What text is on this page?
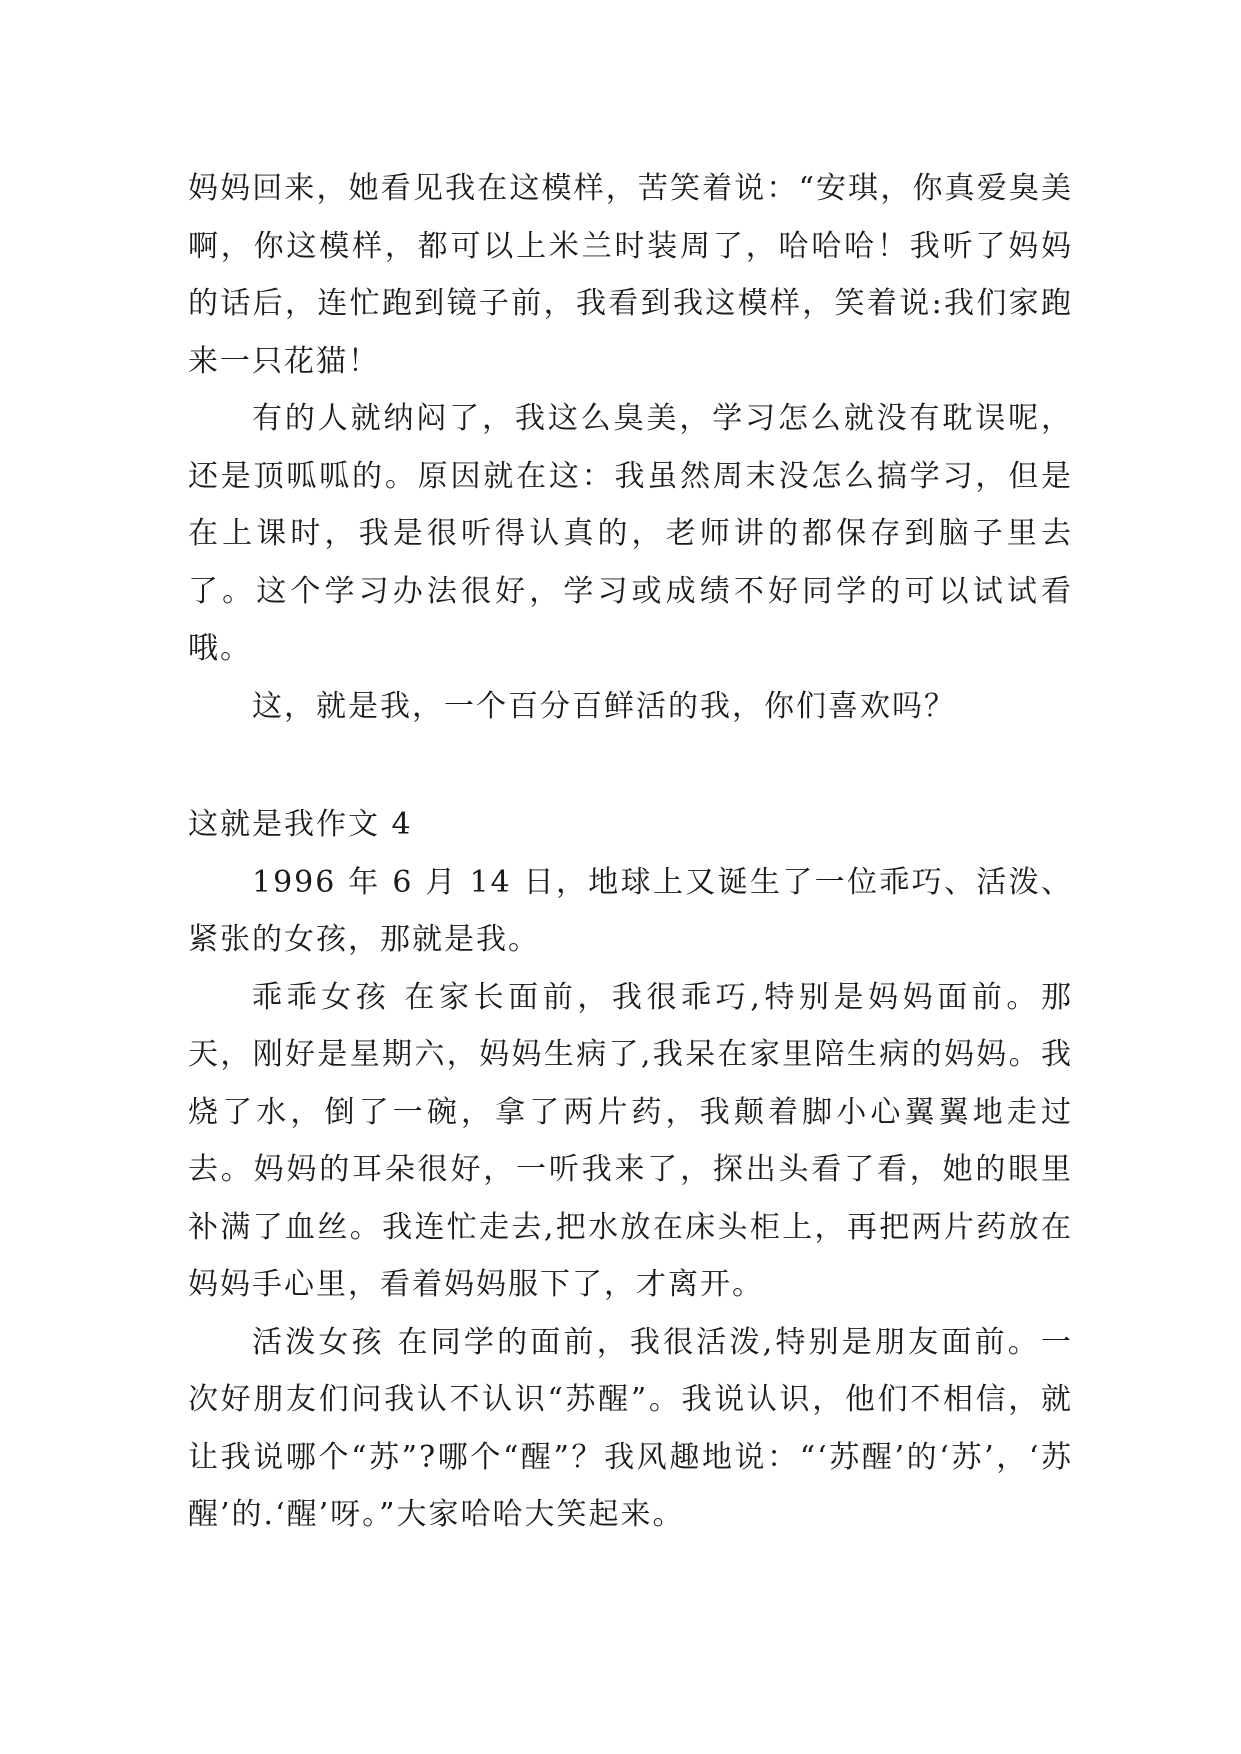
妈妈回来，她看见我在这模样，苦笑着说：“安琪，你真爱臭美啊，你这模样，都可以上米兰时装周了，哈哈哈！我听了妈妈的话后，连忙跑到镜子前，我看到我这模样，笑着说:我们家跑来一只花猫！

有的人就纳闷了，我这么臭美，学习怎么就没有耽误呢，还是顶呱呱的。原因就在这：我虽然周末没怎么搞学习，但是在上课时，我是很听得认真的，老师讲的都保存到脑子里去了。这个学习办法很好，学习或成绩不好同学的可以试试看哦。

这，就是我，一个百分百鲜活的我，你们喜欢吗？

这就是我作文 4

1996 年 6 月 14 日，地球上又诞生了一位乖巧、活泼、紧张的女孩，那就是我。

乖乖女孩 在家长面前，我很乖巧,特别是妈妈面前。那天，刚好是星期六，妈妈生病了,我呆在家里陪生病的妈妈。我烧了水，倒了一碗，拿了两片药，我颠着脚小心翼翼地走过去。妈妈的耳朵很好，一听我来了，探出头看了看，她的眼里补满了血丝。我连忙走去,把水放在床头柜上，再把两片药放在妈妈手心里，看着妈妈服下了，才离开。

活泼女孩 在同学的面前，我很活泼,特别是朋友面前。一次好朋友们问我认不认识“苏醒”。我说认识，他们不相信，就让我说哪个“苏”?哪个“醒”？我风趣地说：“‘苏醒’的‘苏’，‘苏醒’的.‘醒’呀。”大家哈哈大笑起来。
